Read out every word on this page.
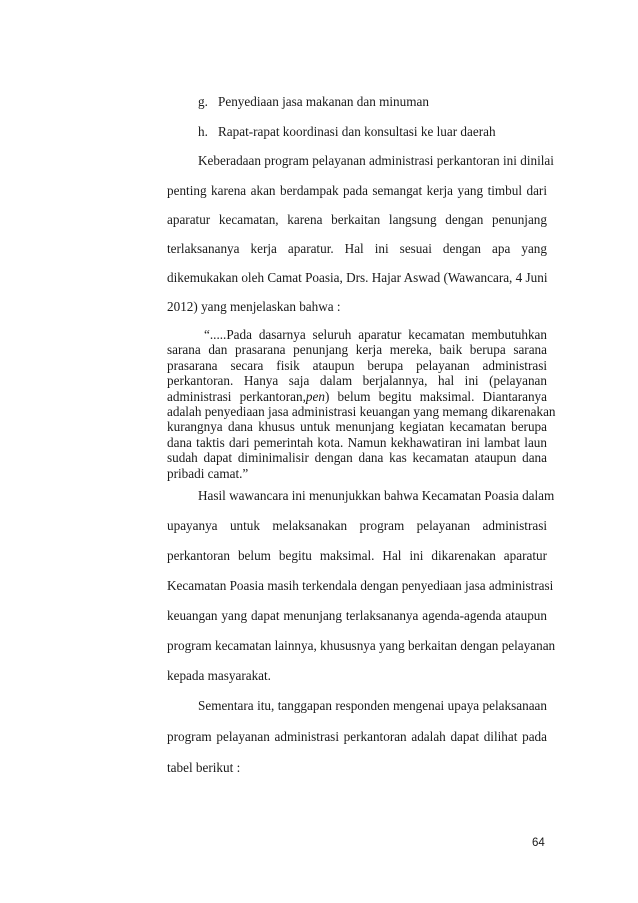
g. Penyediaan jasa makanan dan minuman
h. Rapat-rapat koordinasi dan konsultasi ke luar daerah
Keberadaan program pelayanan administrasi perkantoran ini dinilai
penting karena akan berdampak pada semangat kerja yang timbul dari
aparatur kecamatan, karena berkaitan langsung dengan penunjang
terlaksananya kerja aparatur. Hal ini sesuai dengan apa yang
dikemukakan oleh Camat Poasia, Drs. Hajar Aswad (Wawancara, 4 Juni
2012) yang menjelaskan bahwa :
“.....Pada dasarnya seluruh aparatur kecamatan membutuhkan
sarana dan prasarana penunjang kerja mereka, baik berupa sarana
prasarana secara fisik ataupun berupa pelayanan administrasi
perkantoran. Hanya saja dalam berjalannya, hal ini (pelayanan
administrasi perkantoran,pen) belum begitu maksimal. Diantaranya
adalah penyediaan jasa administrasi keuangan yang memang dikarenakan
kurangnya dana khusus untuk menunjang kegiatan kecamatan berupa
dana taktis dari pemerintah kota. Namun kekhawatiran ini lambat laun
sudah dapat diminimalisir dengan dana kas kecamatan ataupun dana
pribadi camat.”
Hasil wawancara ini menunjukkan bahwa Kecamatan Poasia dalam
upayanya untuk melaksanakan program pelayanan administrasi
perkantoran belum begitu maksimal. Hal ini dikarenakan aparatur
Kecamatan Poasia masih terkendala dengan penyediaan jasa administrasi
keuangan yang dapat menunjang terlaksananya agenda-agenda ataupun
program kecamatan lainnya, khususnya yang berkaitan dengan pelayanan
kepada masyarakat.
Sementara itu, tanggapan responden mengenai upaya pelaksanaan
program pelayanan administrasi perkantoran adalah dapat dilihat pada
tabel berikut :
64
